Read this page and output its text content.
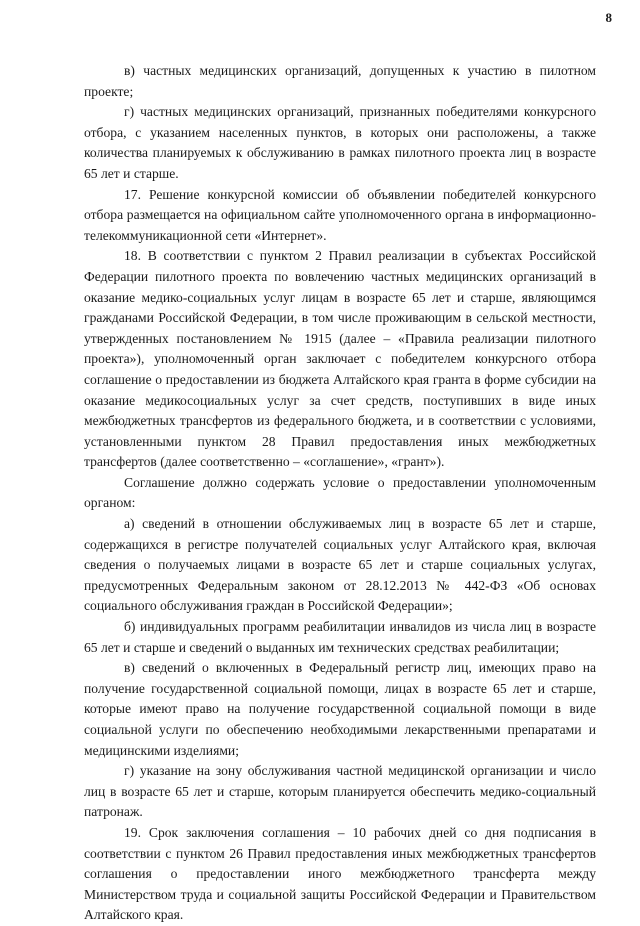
8

в) частных медицинских организаций, допущенных к участию в пилотном проекте;

г) частных медицинских организаций, признанных победителями конкурсного отбора, с указанием населенных пунктов, в которых они расположены, а также количества планируемых к обслуживанию в рамках пилотного проекта лиц в возрасте 65 лет и старше.

17. Решение конкурсной комиссии об объявлении победителей конкурсного отбора размещается на официальном сайте уполномоченного органа в информационно-телекоммуникационной сети «Интернет».

18. В соответствии с пунктом 2 Правил реализации в субъектах Российской Федерации пилотного проекта по вовлечению частных медицинских организаций в оказание медико-социальных услуг лицам в возрасте 65 лет и старше, являющимся гражданами Российской Федерации, в том числе проживающим в сельской местности, утвержденных постановлением № 1915 (далее – «Правила реализации пилотного проекта»), уполномоченный орган заключает с победителем конкурсного отбора соглашение о предоставлении из бюджета Алтайского края гранта в форме субсидии на оказание медикосоциальных услуг за счет средств, поступивших в виде иных межбюджетных трансфертов из федерального бюджета, и в соответствии с условиями, установленными пунктом 28 Правил предоставления иных межбюджетных трансфертов (далее соответственно – «соглашение», «грант»).

Соглашение должно содержать условие о предоставлении уполномоченным органом:

а) сведений в отношении обслуживаемых лиц в возрасте 65 лет и старше, содержащихся в регистре получателей социальных услуг Алтайского края, включая сведения о получаемых лицами в возрасте 65 лет и старше социальных услугах, предусмотренных Федеральным законом от 28.12.2013 № 442-ФЗ «Об основах социального обслуживания граждан в Российской Федерации»;

б) индивидуальных программ реабилитации инвалидов из числа лиц в возрасте 65 лет и старше и сведений о выданных им технических средствах реабилитации;

в) сведений о включенных в Федеральный регистр лиц, имеющих право на получение государственной социальной помощи, лицах в возрасте 65 лет и старше, которые имеют право на получение государственной социальной помощи в виде социальной услуги по обеспечению необходимыми лекарственными препаратами и медицинскими изделиями;

г) указание на зону обслуживания частной медицинской организации и число лиц в возрасте 65 лет и старше, которым планируется обеспечить медико-социальный патронаж.

19. Срок заключения соглашения – 10 рабочих дней со дня подписания в соответствии с пунктом 26 Правил предоставления иных межбюджетных трансфертов соглашения о предоставлении иного межбюджетного трансферта между Министерством труда и социальной защиты Российской Федерации и Правительством Алтайского края.
